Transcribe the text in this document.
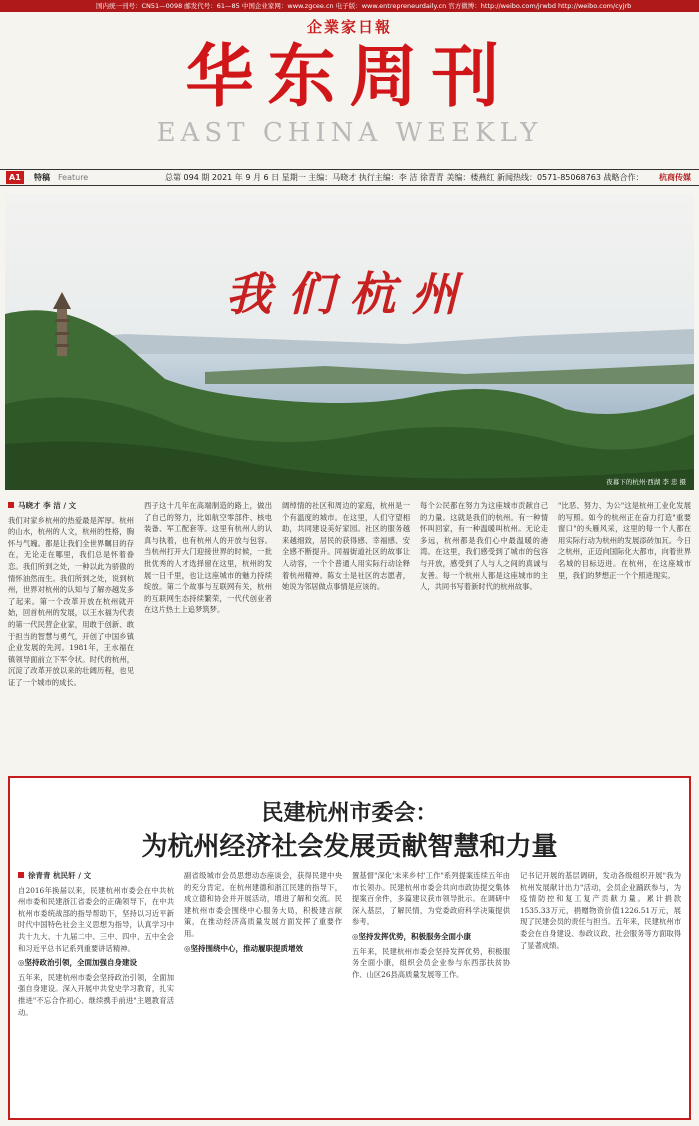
国内统一刊号：CN51—0098 邮发代号：61—85 中国企业家网：www.zgcee.cn 电子版：www.entrepreneurdaily.cn 官方微博：http://weibo.com/jrwbd http://weibo.com/cyjrb
企業家日報
华东周刊
EAST CHINA WEEKLY
A1	特稿 Feature	总第 094 期 2021 年 9 月 6 日 星期一 主编：马晓才 执行主编：李 洁 徐青青 美编：楼燕红 新闻热线：0571-85068763 战略合作： 杭商传媒
我们杭州
夜幕下的杭州·西湖 李 忠 摄
马晓才 李 洁 / 文
我们对家乡杭州的热爱最是浑厚。杭州的山水，杭州的人文，杭州的性格，胸怀与气魄。都是让我们全世界瞩目的存在，无论走在哪里，我们总是怀着眷恋。我们所到之处，一种以此为骄傲的情怀油然而生。我们所到之处，说到杭州，世界对杭州的认知与了解亦越发多了起来。第一个改革开放在杭州就开始，回首杭州的发展，以王水福为代表的第一代民营企业家，用敢于创新、敢于担当的智慧与勇气，开创了中国乡镇企业发展的先河。1981年，王水福在镇领导面前立下军令状。时代的杭州，沉淀了改革开放以来的壮阔历程，也见证了一个城市的成长。
西子这十几年在高端制造的路上，做出了自己的努力，比如航空零部件、核电装备、军工配套等。这里有杭州人的认真与执着，也有杭州人的开放与包容。当杭州打开大门迎接世界的时候，一批批优秀的人才选择留在这里，杭州的发展一日千里，也让这座城市的魅力持续绽放。第二个故事与互联网有关，杭州的互联网生态持续繁荣，一代代创业者在这片热土上追梦筑梦。
阔绰情的社区和周边的家庭，杭州是一个有温度的城市。在这里，人们守望相助，共同建设美好家园。社区的服务越来越细致，居民的获得感、幸福感、安全感不断提升。同福街道社区的故事让人动容，一个个普通人用实际行动诠释着杭州精神。陈女士是社区的志愿者，她说为邻居做点事情是应该的。
每个公民都在努力为这座城市贡献自己的力量。这就是我们的杭州。有一种情怀叫回家，有一种温暖叫杭州。无论走多远，杭州都是我们心中最温暖的港湾。在这里，我们感受到了城市的包容与开放，感受到了人与人之间的真诚与友善。每一个杭州人都是这座城市的主人，共同书写着新时代的杭州故事。
"比恶、努力、为公"这是杭州工业化发展的写照。如今的杭州正在奋力打造"重要窗口"的头雁风采，这里的每一个人都在用实际行动为杭州的发展添砖加瓦。今日之杭州，正迈向国际化大都市，向着世界名城的目标迈进。在杭州，在这座城市里，我们的梦想正一个个照进现实。
民建杭州市委会：
为杭州经济社会发展贡献智慧和力量
徐青青 杭民轩 / 文
自2016年换届以来，民建杭州市委会在中共杭州市委和民建浙江省委会的正确领导下，在中共杭州市委统战部的指导帮助下，坚持以习近平新时代中国特色社会主义思想为指导，认真学习中共十九大、十九届二中、三中、四中、五中全会和习近平总书记系列重要讲话精神。
◎坚持政治引领，全面加强自身建设
五年来，民建杭州市委会坚持政治引领，全面加强自身建设。深入开展中共党史学习教育，扎实推进"不忘合作初心、继续携手前进"主题教育活动。
副省级城市会员思想动态座谈会，获得民建中央的充分肯定。在杭州建德和浙江民建的指导下，成立德和协会并开展活动，增进了解和交流。民建杭州市委会围绕中心服务大局，积极建言献策，在推动经济高质量发展方面发挥了重要作用。
◎坚持围绕中心，推动履职提质增效
置基督"深化'未来乡村'工作"系列提案连续五年由市长领办。民建杭州市委会共向市政协提交集体提案百余件，多篇建议获市领导批示。在调研中深入基层，了解民情，为党委政府科学决策提供参考。
◎坚持发挥优势，积极服务全面小康
五年来，民建杭州市委会坚持发挥优势，积极服务全面小康，组织会员企业参与东西部扶贫协作、山区26县高质量发展等工作。
记书记开展的基层调研，发动各级组织开展"我为杭州发展献计出力"活动，会员企业踊跃参与，为疫情防控和复工复产贡献力量。累计捐款1535.33万元，捐赠物资价值1226.51万元，展现了民建会员的责任与担当。五年来，民建杭州市委会在自身建设、参政议政、社会服务等方面取得了显著成绩。
